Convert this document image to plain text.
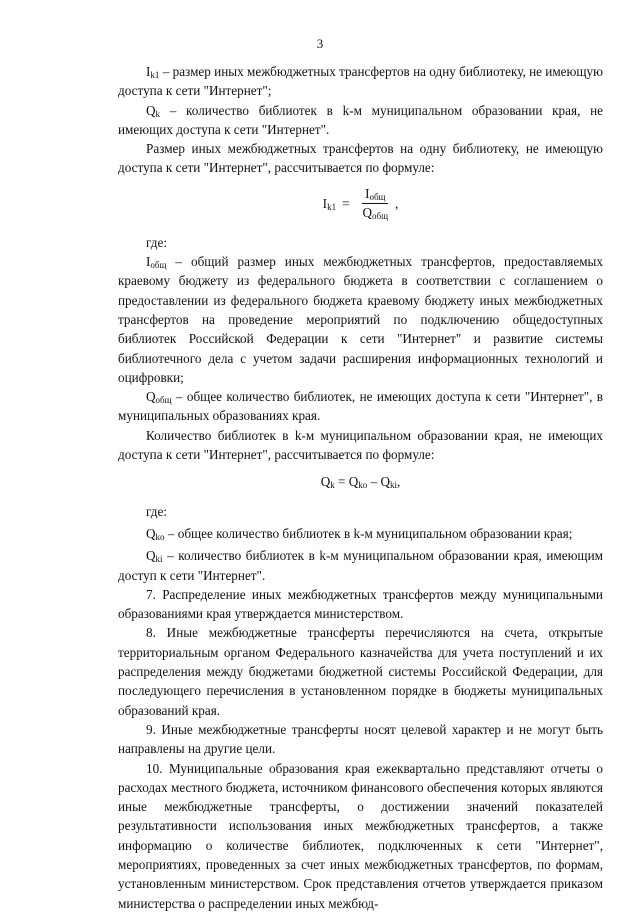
3

$I_{k1}$ – размер иных межбюджетных трансфертов на одну библиотеку, не имеющую доступа к сети "Интернет";

$Q_k$ – количество библиотек в k-м муниципальном образовании края, не имеющих доступа к сети "Интернет".

Размер иных межбюджетных трансфертов на одну библиотеку, не имеющую доступа к сети "Интернет", рассчитывается по формуле:

$I_{k1} = \frac{I_{общ}}{Q_{общ}}$ ,

где:

$I_{общ}$ – общий размер иных межбюджетных трансфертов, предоставляемых краевому бюджету из федерального бюджета в соответствии с соглашением о предоставлении из федерального бюджета краевому бюджету иных межбюджетных трансфертов на проведение мероприятий по подключению общедоступных библиотек Российской Федерации к сети "Интернет" и развитие системы библиотечного дела с учетом задачи расширения информационных технологий и оцифровки;

$Q_{общ}$ – общее количество библиотек, не имеющих доступа к сети "Интернет", в муниципальных образованиях края.

Количество библиотек в k-м муниципальном образовании края, не имеющих доступа к сети "Интернет", рассчитывается по формуле:

$Q_k = Q_{ko} - Q_{ki}$,

где:

$Q_{ko}$ – общее количество библиотек в k-м муниципальном образовании края;

$Q_{ki}$ – количество библиотек в k-м муниципальном образовании края, имеющим доступ к сети "Интернет".

7. Распределение иных межбюджетных трансфертов между муниципальными образованиями края утверждается министерством.

8. Иные межбюджетные трансферты перечисляются на счета, открытые территориальным органом Федерального казначейства для учета поступлений и их распределения между бюджетами бюджетной системы Российской Федерации, для последующего перечисления в установленном порядке в бюджеты муниципальных образований края.

9. Иные межбюджетные трансферты носят целевой характер и не могут быть направлены на другие цели.

10. Муниципальные образования края ежеквартально представляют отчеты о расходах местного бюджета, источником финансового обеспечения которых являются иные межбюджетные трансферты, о достижении значений показателей результативности использования иных межбюджетных трансфертов, а также информацию о количестве библиотек, подключенных к сети "Интернет", мероприятиях, проведенных за счет иных межбюджетных трансфертов, по формам, установленным министерством. Срок представления отчетов утверждается приказом министерства о распределении иных межбюд-
